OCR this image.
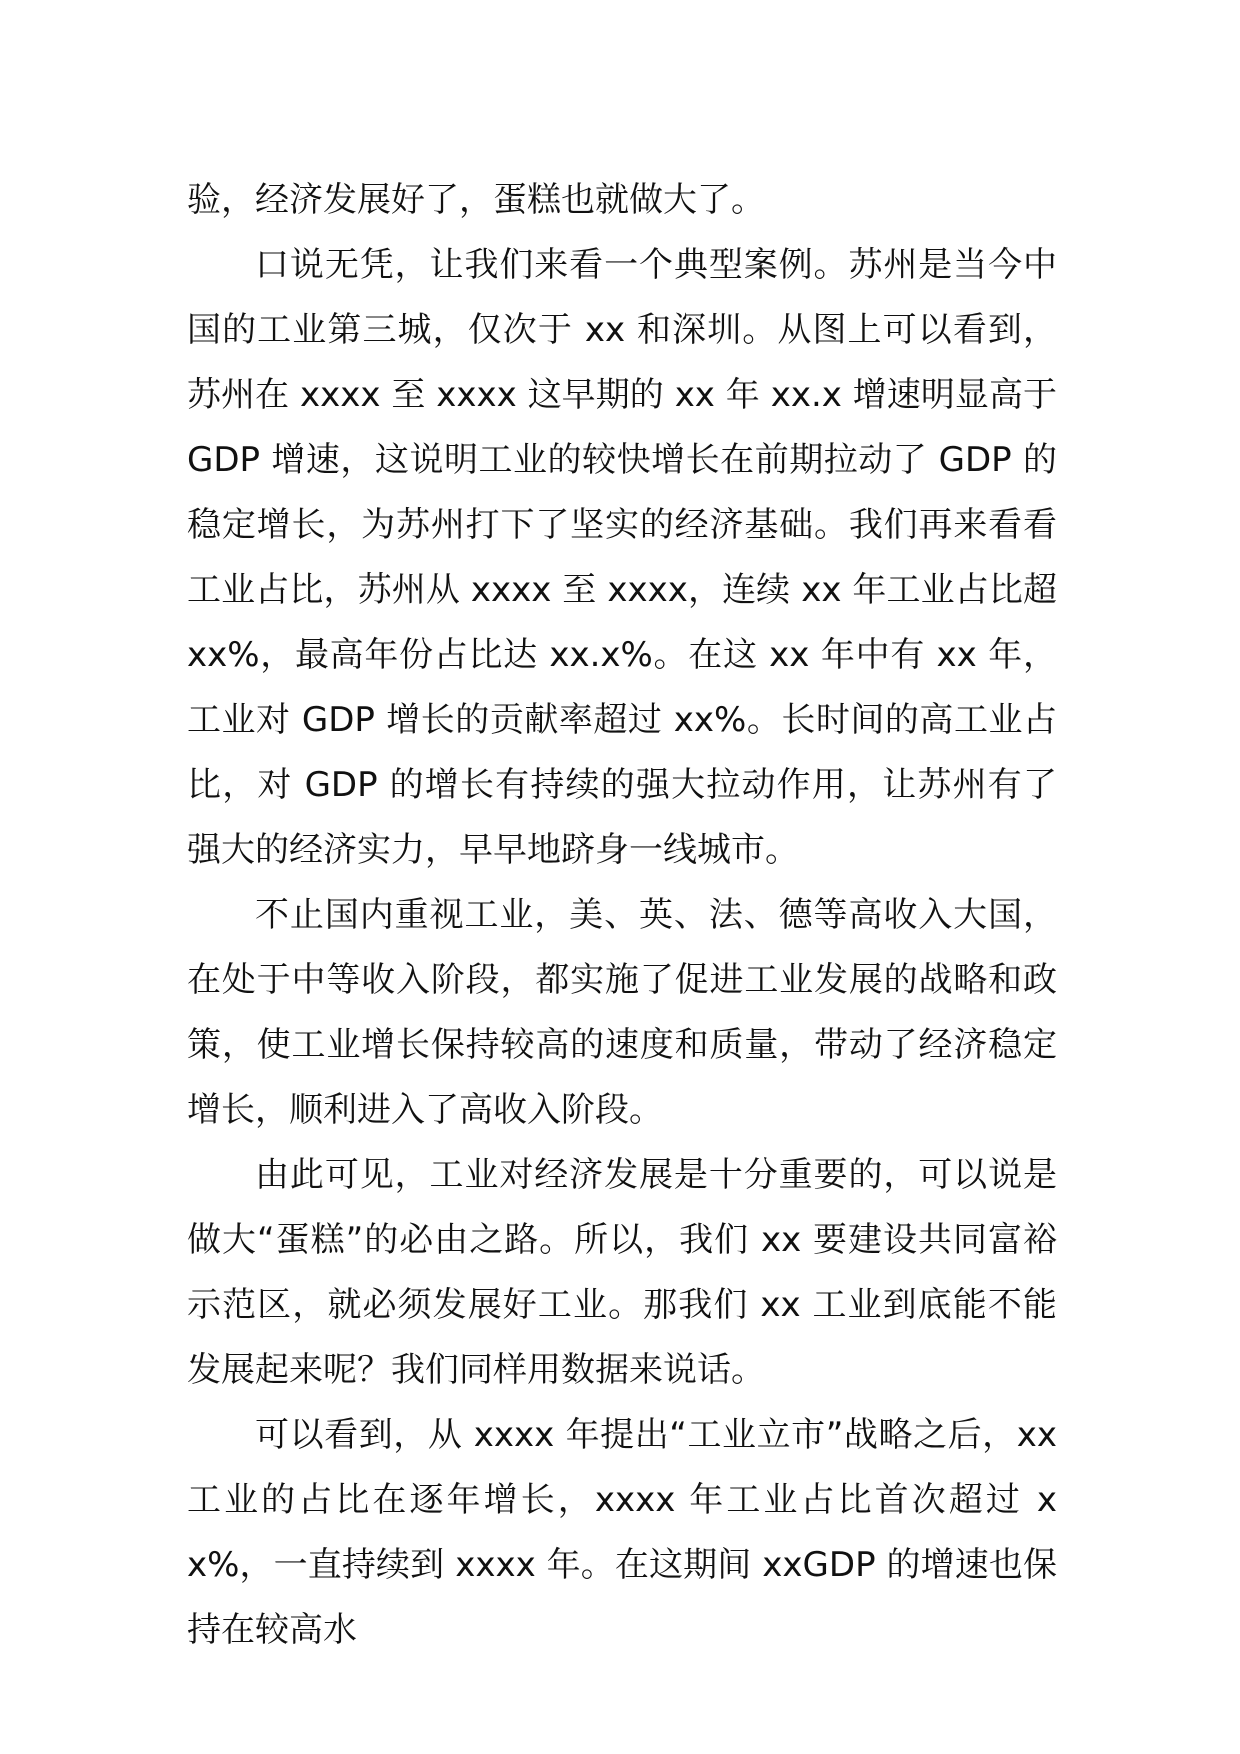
验，经济发展好了，蛋糕也就做大了。

口说无凭，让我们来看一个典型案例。苏州是当今中国的工业第三城，仅次于 xx 和深圳。从图上可以看到，苏州在 xxxx 至 xxxx 这早期的 xx 年 xx.x 增速明显高于 GDP 增速，这说明工业的较快增长在前期拉动了 GDP 的稳定增长，为苏州打下了坚实的经济基础。我们再来看看工业占比，苏州从 xxxx 至 xxxx，连续 xx 年工业占比超 xx%，最高年份占比达 xx.x%。在这 xx 年中有 xx 年，工业对 GDP 增长的贡献率超过 xx%。长时间的高工业占比，对 GDP 的增长有持续的强大拉动作用，让苏州有了强大的经济实力，早早地跻身一线城市。

不止国内重视工业，美、英、法、德等高收入大国，在处于中等收入阶段，都实施了促进工业发展的战略和政策，使工业增长保持较高的速度和质量，带动了经济稳定增长，顺利进入了高收入阶段。

由此可见，工业对经济发展是十分重要的，可以说是做大“蛋糕”的必由之路。所以，我们 xx 要建设共同富裕示范区，就必须发展好工业。那我们 xx 工业到底能不能发展起来呢？我们同样用数据来说话。

可以看到，从 xxxx 年提出“工业立市”战略之后，xx 工业的占比在逐年增长，xxxx 年工业占比首次超过 xx%，一直持续到 xxxx 年。在这期间 xxGDP 的增速也保持在较高水
